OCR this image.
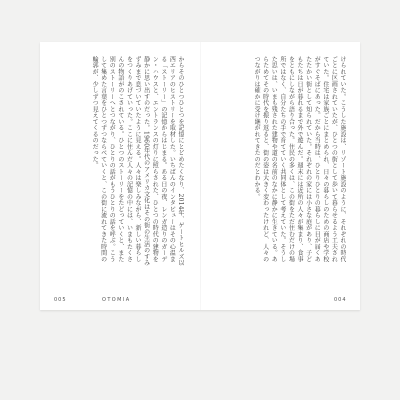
からそのひとつひとつを記憶にとどめたくなり、2014年、ゲートヒルズ以西エリアのヒストリーを取材した。いちばんのインタビューはその心温まる「ストーリー」の記憶からはじまる。ある日の夜、レンガ造りのガーデン・ハウスと、エントランスの灯りに照らされた、ひとつの時代の建物を静かに思い出すのだった。1960年代のアメリカ文化はその街の生活のすみずみまで息づいていたように見える。人々は楽しみながら、新しい暮らしをつくりあげていった。ここに住んだ人々の記憶の中には、いまもたくさんの物語がのこされている。ひとつのストーリーをたどっていくと、また別のストーリーへとつながり、ひとりの話がもうひとりの話を呼ぶ。こうして集めた言葉をひとつずつならべていくと、この街に流れてきた時間の輪郭が、少しずつ見えてくるのだった。
005	OTOMIA
けられていた。こうした施設は、リゾート施設のように、それぞれの時代ごとに区画されていたが、ひとつの街として歩いて暮らせるよう工夫されていた。住宅は家族ごとにまとめられ、日々の暮らしのための商店や学校がすぐそばにあった。だから当時は、ひとりひとりの暮らしに目が届くあたたかい街として知られていた。それぞれの家には小さな庭があり、子どもたちは日が暮れるまで外で遊んだ。週末には近所の人々が集まり、食事をともにしながら語り合った。住民の多くは、この街をただ住むだけの場所ではなく、自分たちの手で育てていく共同体として考えていた。そうした思いは、いまも残された建物や道の名前のなかに静かに生きている。あらためてその時代を振り返ると、街の姿は大きく変わったけれど、人々のつながりは確かに受け継がれてきたのだとわかる。
004
